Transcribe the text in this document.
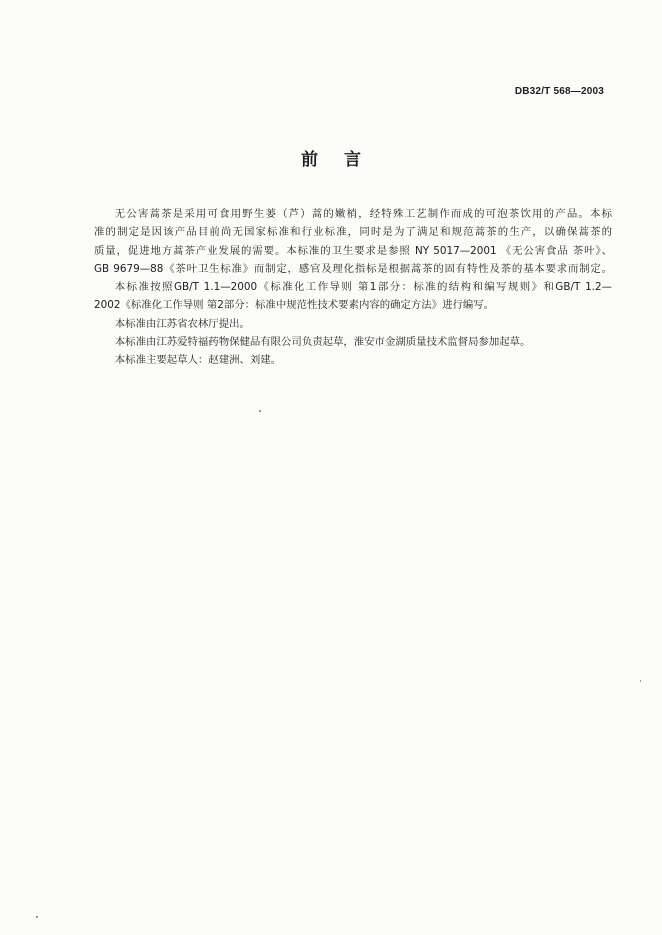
DB32/T 568—2003
前言
无公害蒿茶是采用可食用野生蒌（芦）蒿的嫩梢，经特殊工艺制作而成的可泡茶饮用的产品。本标
准的制定是因该产品目前尚无国家标准和行业标准，同时是为了满足和规范蒿茶的生产，以确保蒿茶的
质量，促进地方蒿茶产业发展的需要。本标准的卫生要求是参照 NY 5017—2001 《无公害食品 茶叶》、
GB 9679—88《茶叶卫生标准》而制定，感官及理化指标是根据蒿茶的固有特性及茶的基本要求而制定。
本标准按照GB/T 1.1—2000《标准化工作导则 第1部分：标准的结构和编写规则》和GB/T 1.2—
2002《标准化工作导则 第2部分：标准中规范性技术要素内容的确定方法》进行编写。
本标准由江苏省农林厅提出。
本标准由江苏爱特福药物保健品有限公司负责起草，淮安市金湖质量技术监督局参加起草。
本标准主要起草人：赵建洲、刘建。
